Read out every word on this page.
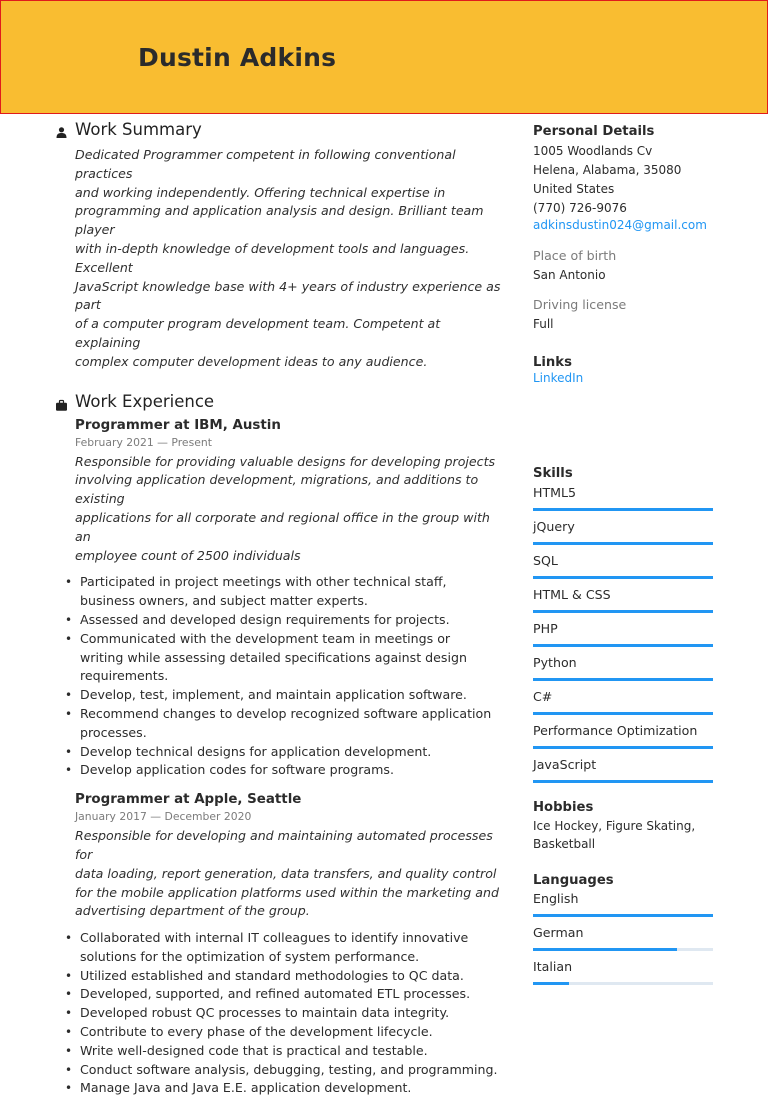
Dustin Adkins
Work Summary
Dedicated Programmer competent in following conventional practices
and working independently. Offering technical expertise in
programming and application analysis and design. Brilliant team player
with in-depth knowledge of development tools and languages. Excellent
JavaScript knowledge base with 4+ years of industry experience as part
of a computer program development team. Competent at explaining
complex computer development ideas to any audience.
Work Experience
Programmer at IBM, Austin
February 2021 — Present
Responsible for providing valuable designs for developing projects
involving application development, migrations, and additions to existing
applications for all corporate and regional office in the group with an
employee count of 2500 individuals
• Participated in project meetings with other technical staff,
business owners, and subject matter experts.
• Assessed and developed design requirements for projects.
• Communicated with the development team in meetings or
writing while assessing detailed specifications against design
requirements.
• Develop, test, implement, and maintain application software.
• Recommend changes to develop recognized software application
processes.
• Develop technical designs for application development.
• Develop application codes for software programs.
Programmer at Apple, Seattle
January 2017 — December 2020
Responsible for developing and maintaining automated processes for
data loading, report generation, data transfers, and quality control
for the mobile application platforms used within the marketing and
advertising department of the group.
• Collaborated with internal IT colleagues to identify innovative
solutions for the optimization of system performance.
• Utilized established and standard methodologies to QC data.
• Developed, supported, and refined automated ETL processes.
• Developed robust QC processes to maintain data integrity.
• Contribute to every phase of the development lifecycle.
• Write well-designed code that is practical and testable.
• Conduct software analysis, debugging, testing, and programming.
• Manage Java and Java E.E. application development.
Personal Details
1005 Woodlands Cv
Helena, Alabama, 35080
United States
(770) 726-9076
adkinsdustin024@gmail.com
Place of birth
San Antonio
Driving license
Full
Links
LinkedIn
Skills
HTML5
jQuery
SQL
HTML & CSS
PHP
Python
C#
Performance Optimization
JavaScript
Hobbies
Ice Hockey, Figure Skating,
Basketball
Languages
English
German
Italian
